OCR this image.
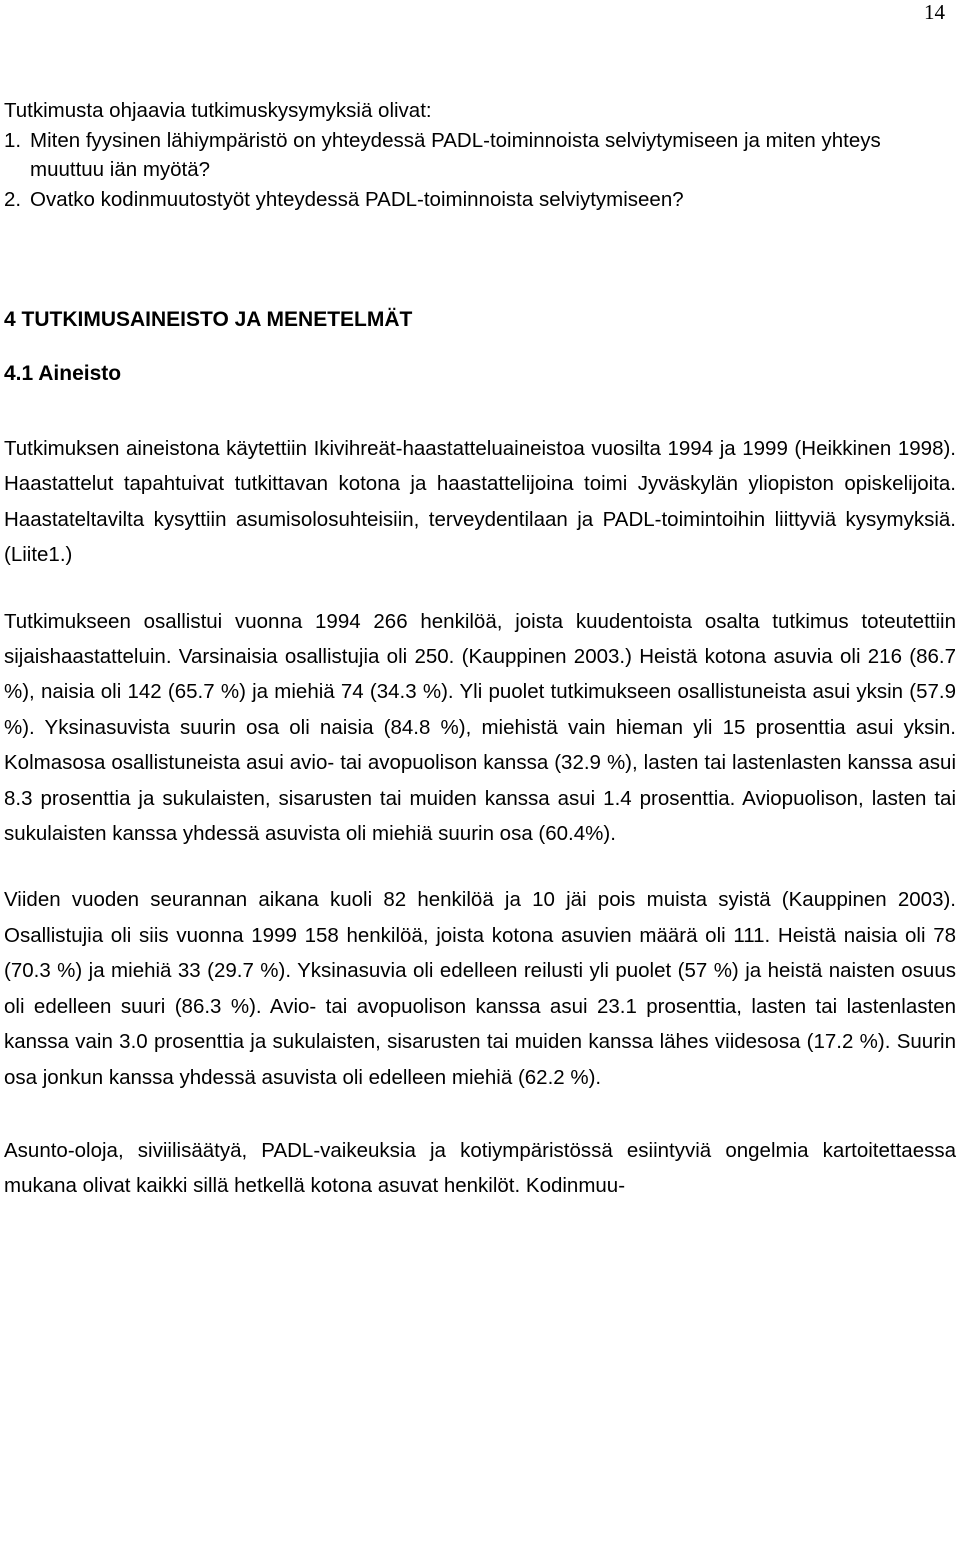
14

Tutkimusta ohjaavia tutkimuskysymyksiä olivat:

1. Miten fyysinen lähiympäristö on yhteydessä PADL-toiminnoista selviytymiseen ja miten yhteys muuttuu iän myötä?
2. Ovatko kodinmuutostyöt yhteydessä PADL-toiminnoista selviytymiseen?
4 TUTKIMUSAINEISTO JA MENETELMÄT
4.1 Aineisto

Tutkimuksen aineistona käytettiin Ikivihreät-haastatteluaineistoa vuosilta 1994 ja 1999 (Heikkinen 1998). Haastattelut tapahtuivat tutkittavan kotona ja haastattelijoina toimi Jyväskylän yliopiston opiskelijoita. Haastateltavilta kysyttiin asumisolosuhteisiin, terveydentilaan ja PADL-toimintoihin liittyviä kysymyksiä. (Liite1.)

Tutkimukseen osallistui vuonna 1994 266 henkilöä, joista kuudentoista osalta tutkimus toteutettiin sijaishaastatteluin. Varsinaisia osallistujia oli 250. (Kauppinen 2003.) Heistä kotona asuvia oli 216 (86.7 %), naisia oli 142 (65.7 %) ja miehiä 74 (34.3 %). Yli puolet tutkimukseen osallistuneista asui yksin (57.9 %). Yksinasuvista suurin osa oli naisia (84.8 %), miehistä vain hieman yli 15 prosenttia asui yksin. Kolmasosa osallistuneista asui avio- tai avopuolison kanssa (32.9 %), lasten tai lastenlasten kanssa asui 8.3 prosenttia ja sukulaisten, sisarusten tai muiden kanssa asui 1.4 prosenttia. Aviopuolison, lasten tai sukulaisten kanssa yhdessä asuvista oli miehiä suurin osa (60.4%).

Viiden vuoden seurannan aikana kuoli 82 henkilöä ja 10 jäi pois muista syistä (Kauppinen 2003). Osallistujia oli siis vuonna 1999 158 henkilöä, joista kotona asuvien määrä oli 111. Heistä naisia oli 78 (70.3 %) ja miehiä 33 (29.7 %). Yksinasuvia oli edelleen reilusti yli puolet (57 %) ja heistä naisten osuus oli edelleen suuri (86.3 %). Avio- tai avopuolison kanssa asui 23.1 prosenttia, lasten tai lastenlasten kanssa vain 3.0 prosenttia ja sukulaisten, sisarusten tai muiden kanssa lähes viidesosa (17.2 %). Suurin osa jonkun kanssa yhdessä asuvista oli edelleen miehiä (62.2 %).

Asunto-oloja, siviilisäätyä, PADL-vaikeuksia ja kotiympäristössä esiintyviä ongelmia kartoitettaessa mukana olivat kaikki sillä hetkellä kotona asuvat henkilöt. Kodinmuu-
